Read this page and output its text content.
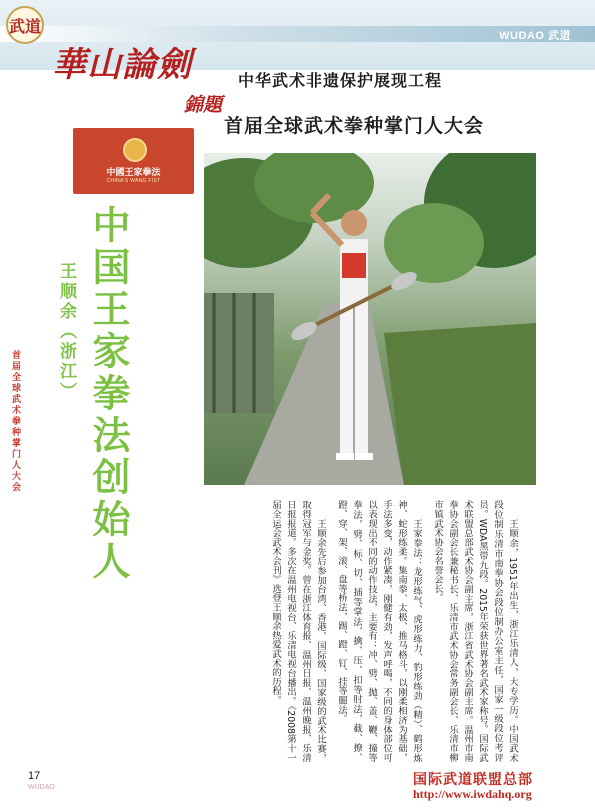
武道
WUDAO 武道
華山論劍
錦題
中华武术非遗保护展现工程
首届全球武术拳种掌门人大会
中國王家拳法
CHINA'S WANG FIST
中国王家拳法创始人
王顺余（浙江）
首届全球武术拳种掌门人大会

王顺余，1951年出生，浙江乐清人，大专学历。中国武术段位制乐清市南拳协会段位制办公室主任，国家一级段位考评员。WDA黑带九段。2015年荣获世界著名武术家称号。国际武术联盟总部武术协会副主席，浙江省武术协会副主席。温州市南拳协会副会长兼秘书长、乐清市武术协会常务副会长、乐清市柳市镇武术协会名誉会长。

王家拳法：龙形练气、虎形练力、豹形练劲（精）、鹤形炼神、蛇形练柔。集南拳、太极、推马格斗，以刚柔相济为基础，手法多变，动作紧凑，刚健有劲，发声呼喝，不同的身体部位可以表现出不同的动作技法，主要有：冲、劈、抛、盖、鞭、撞等拳法，劈、标、切、插等掌法，擒、压、扣等肘法，截、撩、蹬、穿、架、滚、盘等桥法，踢、蹬、钉、挂等腿法。

王顺余先后参加台湾、香港、国际级、国家级的武术比赛，取得冠军与金奖。曾在浙江体育报、温州日报、温州晚报、乐清日报报道。多次在温州电视台、乐清电视台播出。《2008第十一届全运会武术会刊》选登王顺余热爱武术的历程。

17
WUDAO	国际武道联盟总部
http://www.iwdahq.org
